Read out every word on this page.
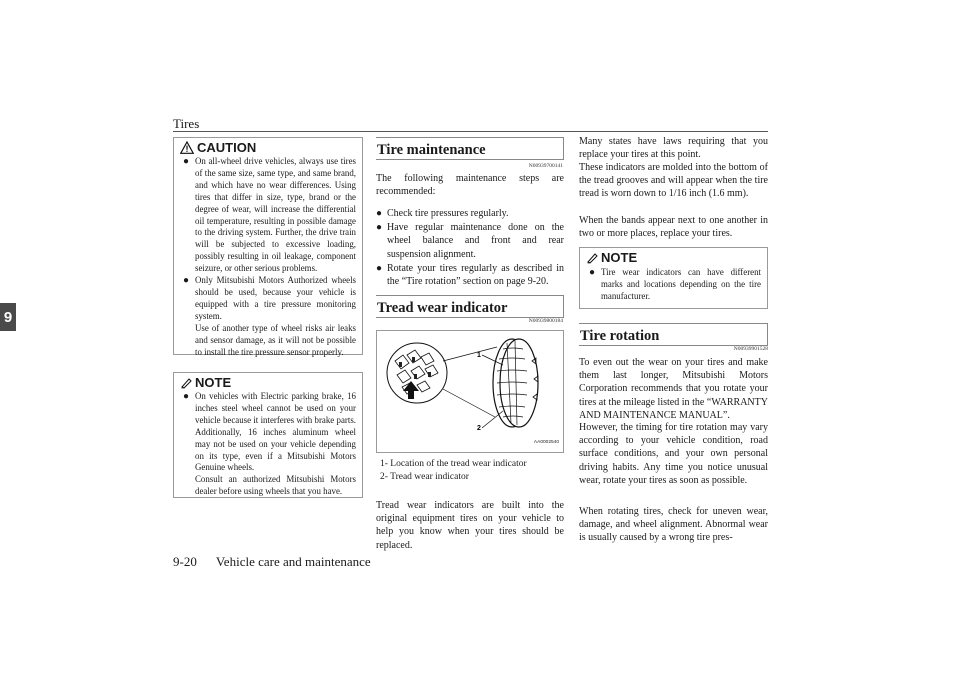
Tires
9
CAUTION
● On all-wheel drive vehicles, always use tires of the same size, same type, and same brand, and which have no wear differences. Using tires that differ in size, type, brand or the degree of wear, will increase the differential oil temperature, resulting in possible damage to the driving system. Further, the drive train will be subjected to excessive loading, possibly resulting in oil leakage, component seizure, or other serious problems.
● Only Mitsubishi Motors Authorized wheels should be used, because your vehicle is equipped with a tire pressure monitoring system.
Use of another type of wheel risks air leaks and sensor damage, as it will not be possible to install the tire pressure sensor properly.
NOTE
● On vehicles with Electric parking brake, 16 inches steel wheel cannot be used on your vehicle because it interferes with brake parts. Additionally, 16 inches aluminum wheel may not be used on your vehicle depending on its type, even if a Mitsubishi Motors Genuine wheels.
Consult an authorized Mitsubishi Motors dealer before using wheels that you have.
Tire maintenance
N00939700141
The following maintenance steps are recommended:
● Check tire pressures regularly.
● Have regular maintenance done on the wheel balance and front and rear suspension alignment.
● Rotate your tires regularly as described in the “Tire rotation” section on page 9-20.
Tread wear indicator
N00939800184
1
2
AA0002540
1- Location of the tread wear indicator
2- Tread wear indicator
Tread wear indicators are built into the original equipment tires on your vehicle to help you know when your tires should be replaced.
Many states have laws requiring that you replace your tires at this point.
These indicators are molded into the bottom of the tread grooves and will appear when the tire tread is worn down to 1/16 inch (1.6 mm).
When the bands appear next to one another in two or more places, replace your tires.
NOTE
● Tire wear indicators can have different marks and locations depending on the tire manufacturer.
Tire rotation
N00939901528
To even out the wear on your tires and make them last longer, Mitsubishi Motors Corporation recommends that you rotate your tires at the mileage listed in the “WARRANTY AND MAINTENANCE MANUAL”.
However, the timing for tire rotation may vary according to your vehicle condition, road surface conditions, and your own personal driving habits. Any time you notice unusual wear, rotate your tires as soon as possible.
When rotating tires, check for uneven wear, damage, and wheel alignment. Abnormal wear is usually caused by a wrong tire pres-
9-20 Vehicle care and maintenance
